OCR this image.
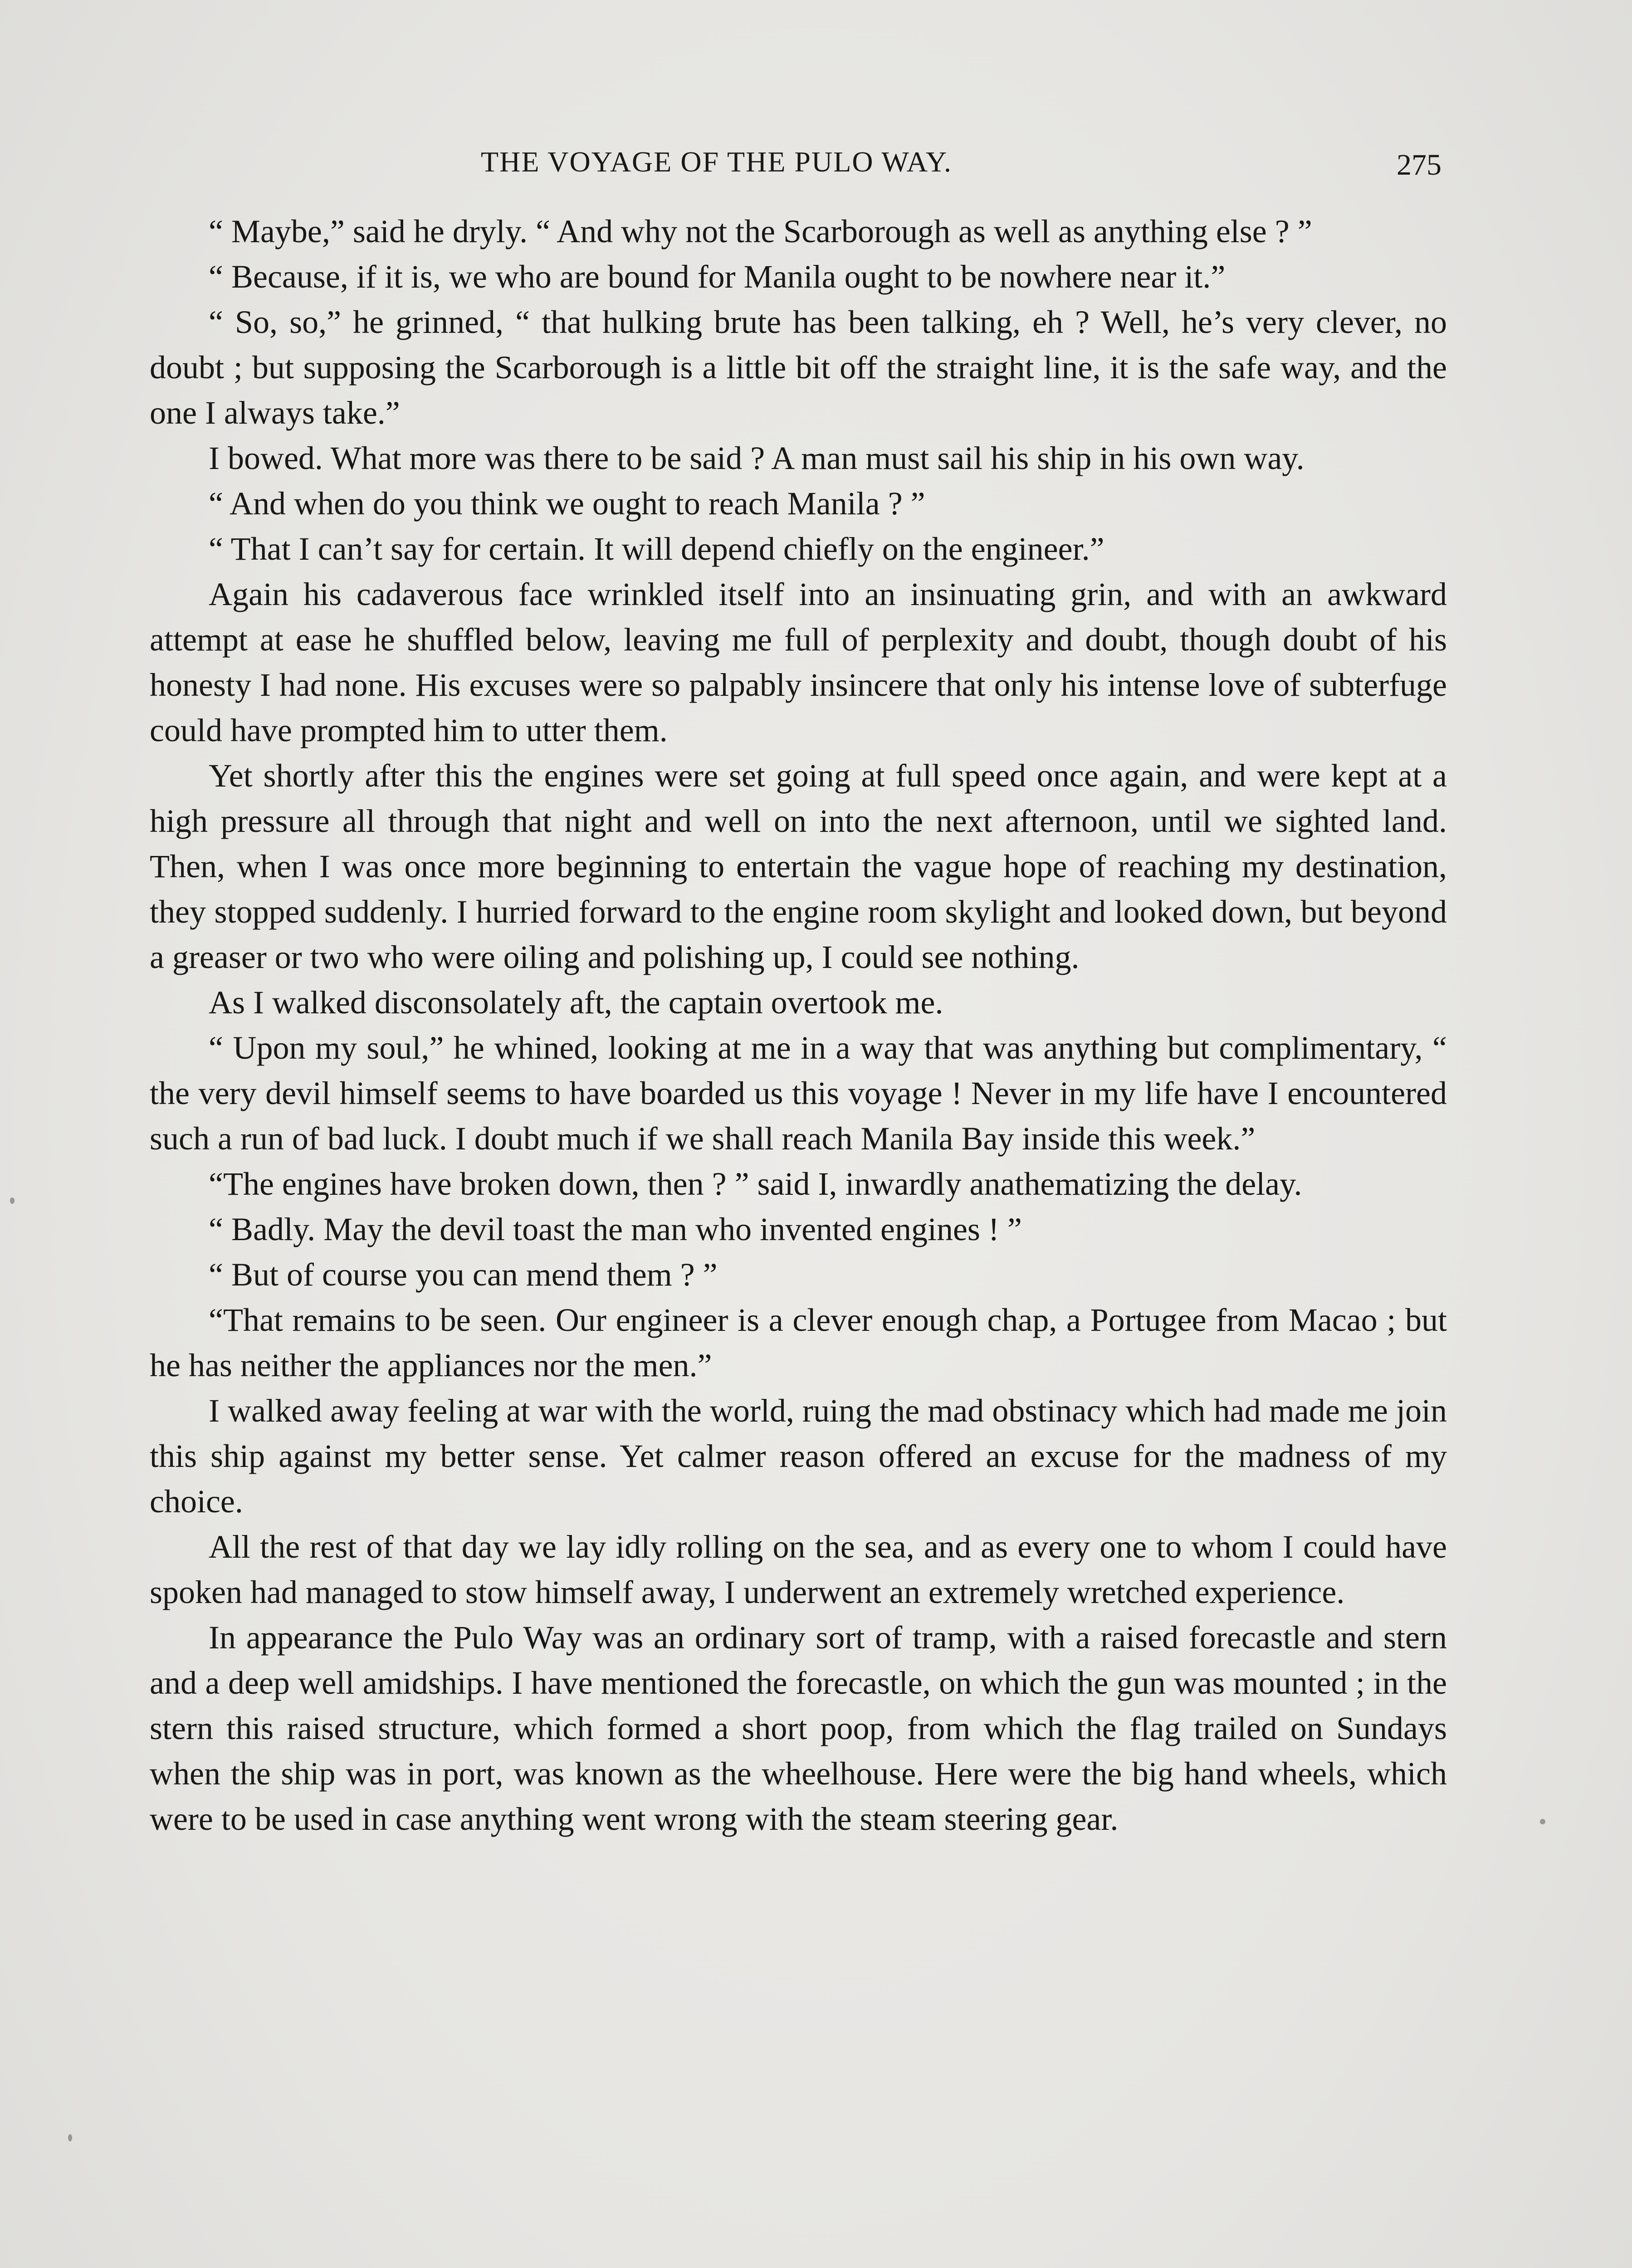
THE VOYAGE OF THE PULO WAY.	275

“ Maybe,” said he dryly. “ And why not the Scarborough as well as anything else ? ”

“ Because, if it is, we who are bound for Manila ought to be nowhere near it.”

“ So, so,” he grinned, “ that hulking brute has been talking, eh ? Well, he’s very clever, no doubt ; but supposing the Scarborough is a little bit off the straight line, it is the safe way, and the one I always take.”

I bowed. What more was there to be said ? A man must sail his ship in his own way.

“ And when do you think we ought to reach Manila ? ”

“ That I can’t say for certain. It will depend chiefly on the engineer.”

Again his cadaverous face wrinkled itself into an insinuating grin, and with an awkward attempt at ease he shuffled below, leaving me full of perplexity and doubt, though doubt of his honesty I had none. His excuses were so palpably insincere that only his intense love of subterfuge could have prompted him to utter them.

Yet shortly after this the engines were set going at full speed once again, and were kept at a high pressure all through that night and well on into the next afternoon, until we sighted land. Then, when I was once more beginning to entertain the vague hope of reaching my destination, they stopped suddenly. I hurried forward to the engine room skylight and looked down, but beyond a greaser or two who were oiling and polishing up, I could see nothing.

As I walked disconsolately aft, the captain overtook me.

“ Upon my soul,” he whined, looking at me in a way that was anything but complimentary, “ the very devil himself seems to have boarded us this voyage ! Never in my life have I encountered such a run of bad luck. I doubt much if we shall reach Manila Bay inside this week.”

“The engines have broken down, then ? ” said I, inwardly anathematizing the delay.

“ Badly. May the devil toast the man who invented engines ! ”

“ But of course you can mend them ? ”

“That remains to be seen. Our engineer is a clever enough chap, a Portugee from Macao ; but he has neither the appliances nor the men.”

I walked away feeling at war with the world, ruing the mad obstinacy which had made me join this ship against my better sense. Yet calmer reason offered an excuse for the madness of my choice.

All the rest of that day we lay idly rolling on the sea, and as every one to whom I could have spoken had managed to stow himself away, I underwent an extremely wretched experience.

In appearance the Pulo Way was an ordinary sort of tramp, with a raised forecastle and stern and a deep well amidships. I have mentioned the forecastle, on which the gun was mounted ; in the stern this raised structure, which formed a short poop, from which the flag trailed on Sundays when the ship was in port, was known as the wheelhouse. Here were the big hand wheels, which were to be used in case anything went wrong with the steam steering gear.
